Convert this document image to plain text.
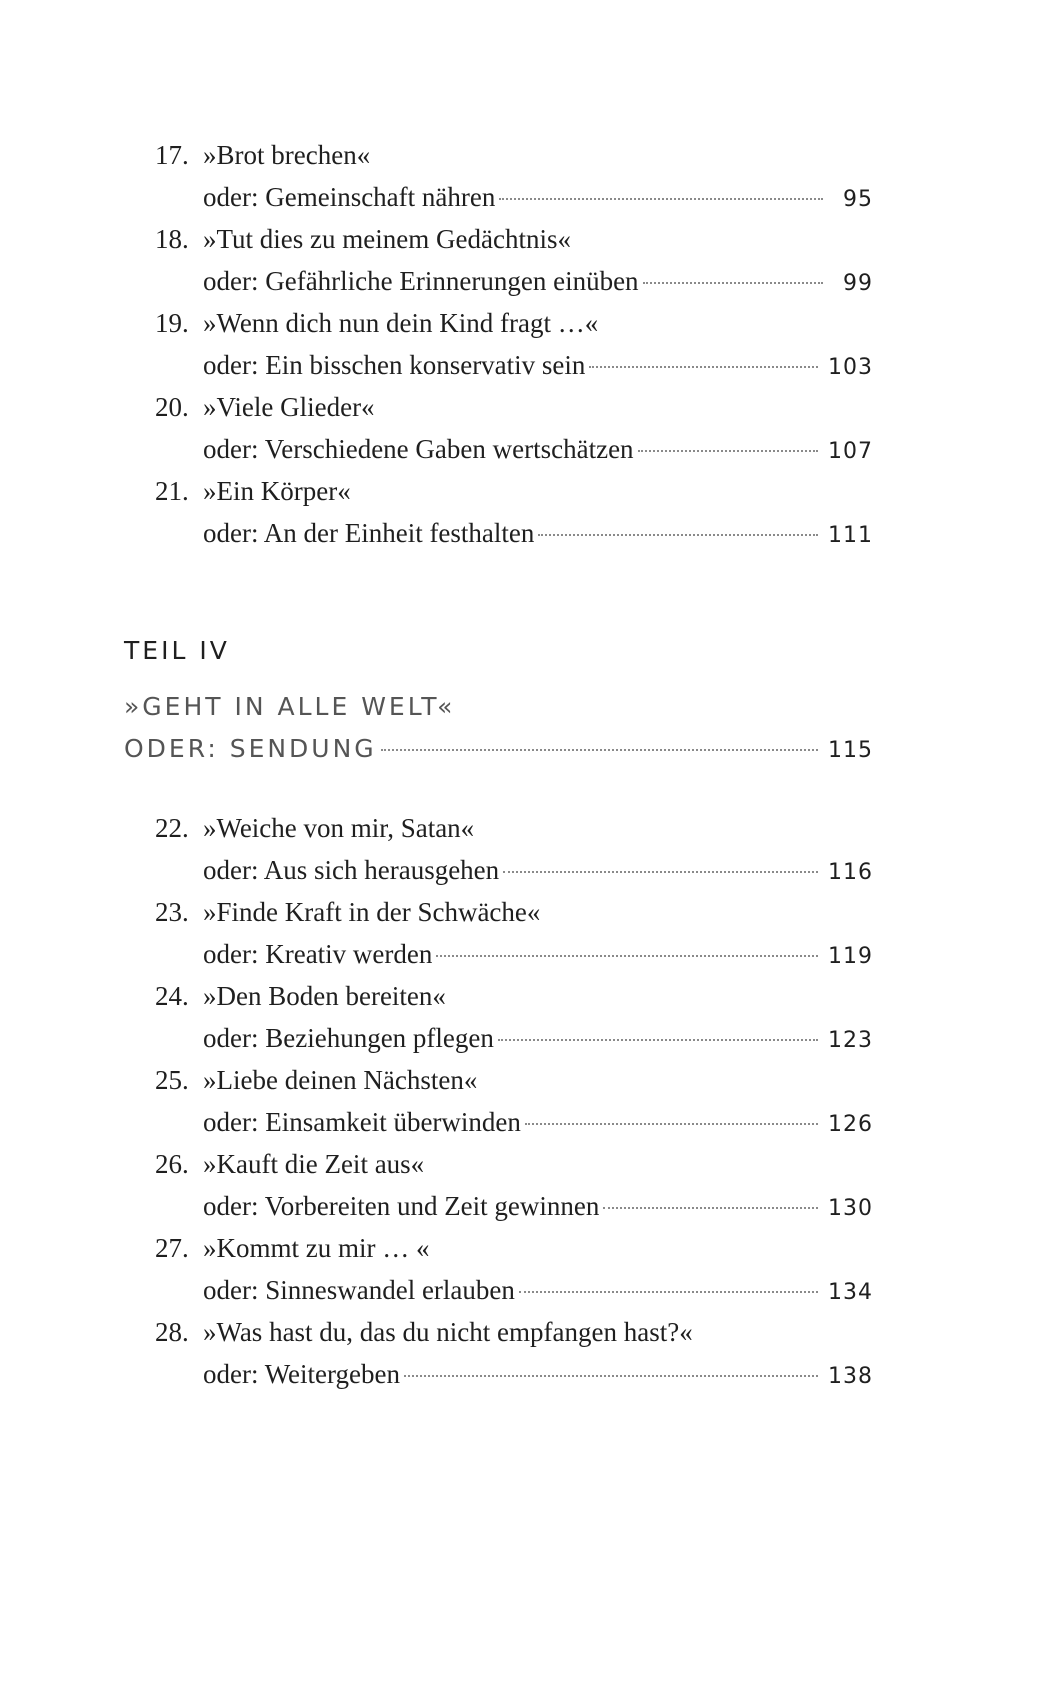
17. »Brot brechen«
oder: Gemeinschaft nähren	95
18. »Tut dies zu meinem Gedächtnis«
oder: Gefährliche Erinnerungen einüben	99
19. »Wenn dich nun dein Kind fragt …«
oder: Ein bisschen konservativ sein	103
20. »Viele Glieder«
oder: Verschiedene Gaben wertschätzen	107
21. »Ein Körper«
oder: An der Einheit festhalten	111
TEIL IV
»GEHT IN ALLE WELT«
ODER: SENDUNG	115
22. »Weiche von mir, Satan«
oder: Aus sich herausgehen	116
23. »Finde Kraft in der Schwäche«
oder: Kreativ werden	119
24. »Den Boden bereiten«
oder: Beziehungen pflegen	123
25. »Liebe deinen Nächsten«
oder: Einsamkeit überwinden	126
26. »Kauft die Zeit aus«
oder: Vorbereiten und Zeit gewinnen	130
27. »Kommt zu mir … «
oder: Sinneswandel erlauben	134
28. »Was hast du, das du nicht empfangen hast?«
oder: Weitergeben	138
